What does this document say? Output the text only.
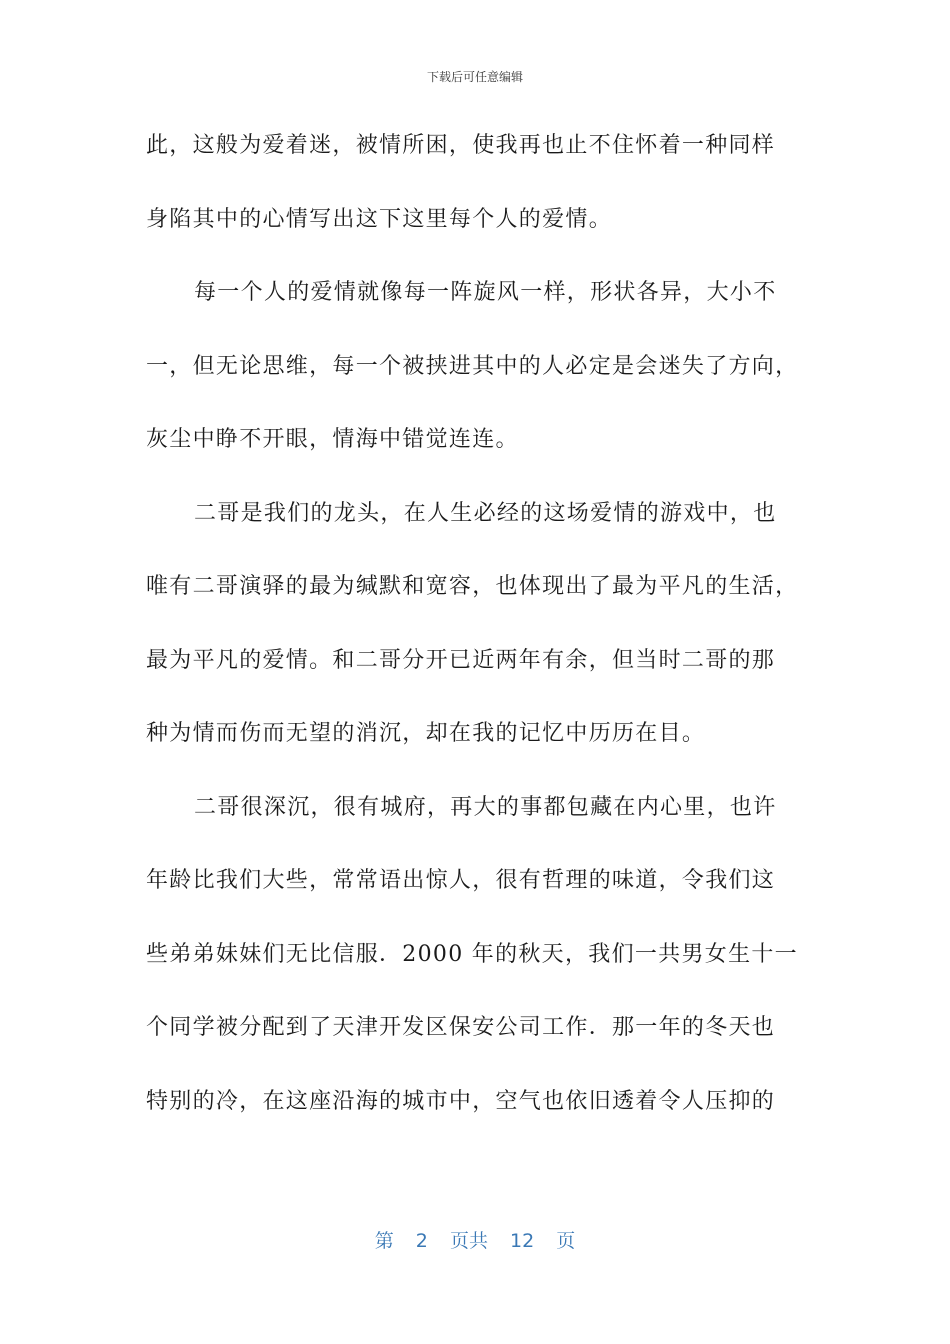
下载后可任意编辑
此，这般为爱着迷，被情所困，使我再也止不住怀着一种同样
身陷其中的心情写出这下这里每个人的爱情。
每一个人的爱情就像每一阵旋风一样，形状各异，大小不
一，但无论思维，每一个被挟进其中的人必定是会迷失了方向，
灰尘中睁不开眼，情海中错觉连连。
二哥是我们的龙头，在人生必经的这场爱情的游戏中，也
唯有二哥演驿的最为缄默和宽容，也体现出了最为平凡的生活，
最为平凡的爱情。和二哥分开已近两年有余，但当时二哥的那
种为情而伤而无望的消沉，却在我的记忆中历历在目。
二哥很深沉，很有城府，再大的事都包藏在内心里，也许
年龄比我们大些，常常语出惊人，很有哲理的味道，令我们这
些弟弟妹妹们无比信服．2000 年的秋天，我们一共男女生十一
个同学被分配到了天津开发区保安公司工作．那一年的冬天也
特别的冷，在这座沿海的城市中，空气也依旧透着令人压抑的
第 2 页共 12 页
